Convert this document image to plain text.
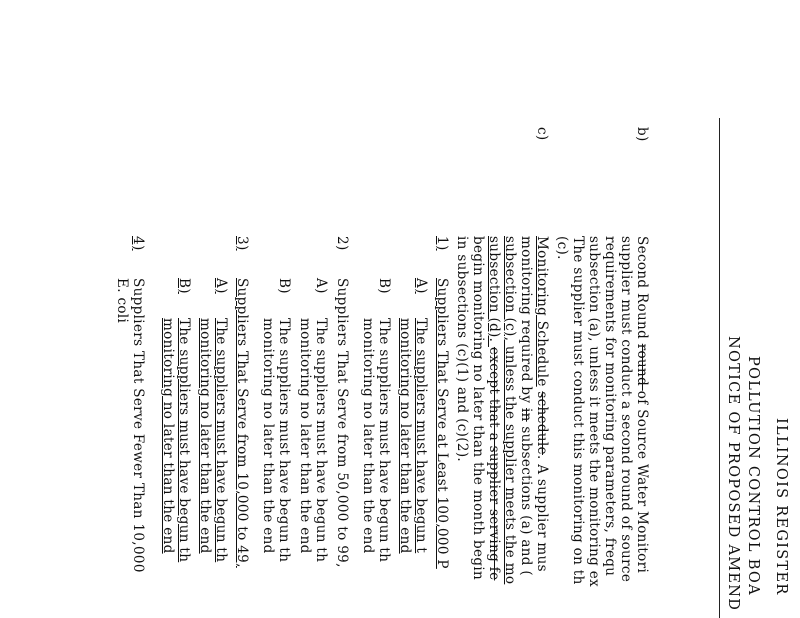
ILLINOIS REGISTER
POLLUTION CONTROL BOA
NOTICE OF PROPOSED AMEND
b)
Second Round round of Source Water Monitori
supplier must conduct a second round of source
requirements for monitoring parameters, frequ
subsection (a), unless it meets the monitoring ex
The supplier must conduct this monitoring on th
(c).
c)
Monitoring Schedule schedule. A supplier mus
monitoring required by in subsections (a) and (
subsection (c), unless the supplier meets the mo
subsection (d). except that a supplier serving fe
begin monitoring no later than the month begin
in subsections (c)(1) and (c)(2).
1)
Suppliers That Serve at Least 100,000 P
A)
The suppliers must have begun t
monitoring no later than the end
B)
The suppliers must have begun th
monitoring no later than the end
2)
Suppliers That Serve from 50,000 to 99,
A)
The suppliers must have begun th
monitoring no later than the end
B)
The suppliers must have begun th
monitoring no later than the end
3)
Suppliers That Serve from 10,000 to 49,
A)
The suppliers must have begun th
monitoring no later than the end
B)
The suppliers must have begun th
monitoring no later than the end
4)
Suppliers That Serve Fewer Than 10,000
E. coli
